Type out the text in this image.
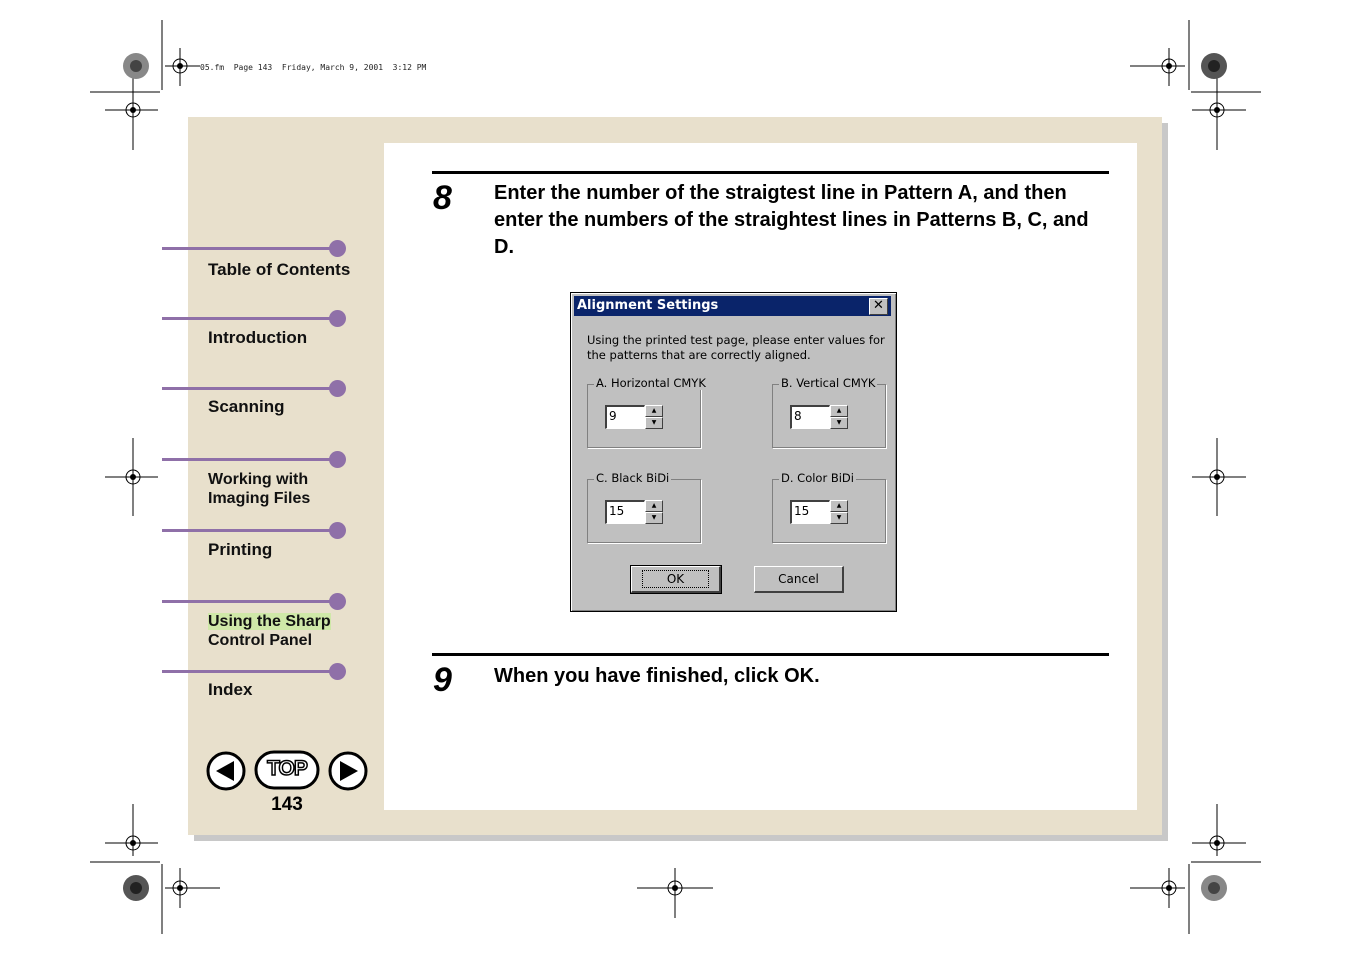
05.fm  Page 143  Friday, March 9, 2001  3:12 PM
Table of Contents
Introduction
Scanning
Working with
Imaging Files
Printing
Using the Sharp
Control Panel
Index
TOP
143
8 Enter the number of the straigtest line in Pattern A, and then enter the numbers of the straightest lines in Patterns B, C, and D.
Alignment Settings	✕
Using the printed test page, please enter values for
the patterns that are correctly aligned.
A. Horizontal CMYK
9	▲
▼
B. Vertical CMYK
8	▲
▼
C. Black BiDi
15	▲
▼
D. Color BiDi
15	▲
▼
OK	Cancel
9 When you have finished, click OK.
